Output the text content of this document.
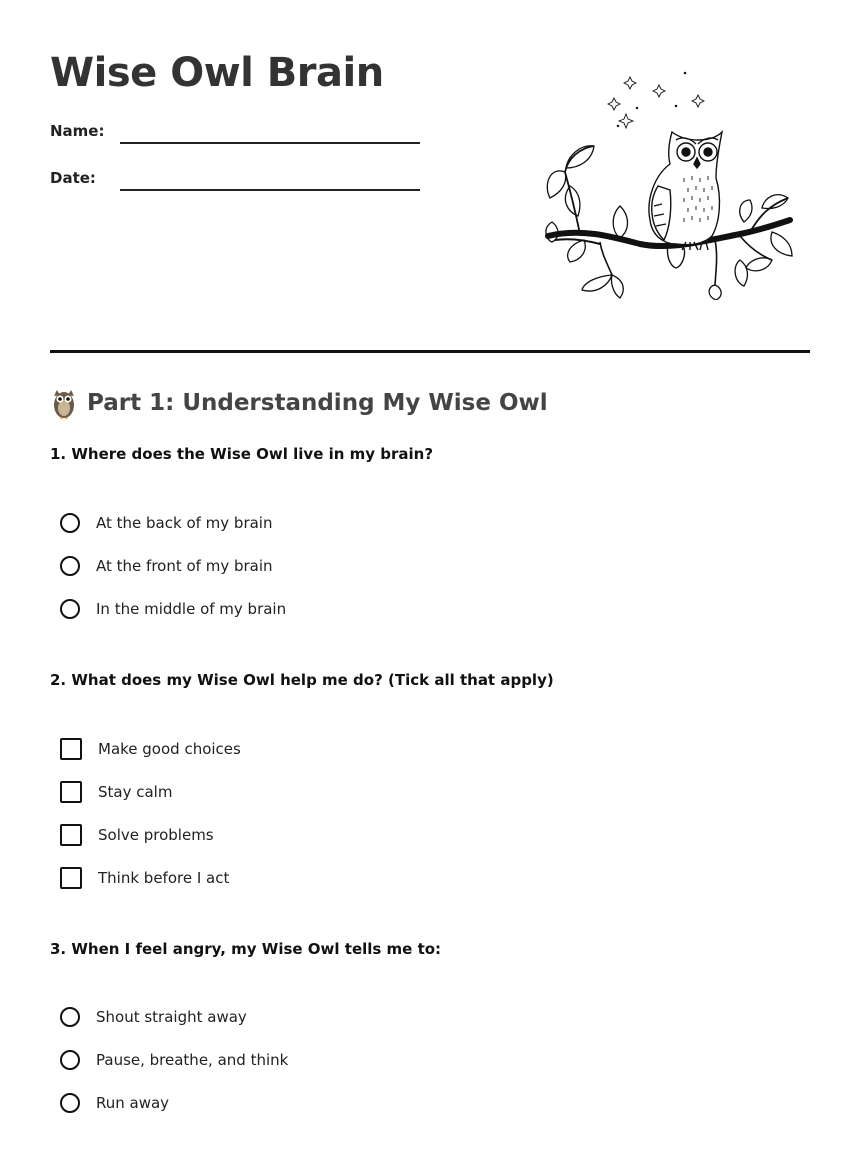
Wise Owl Brain
Name:
Date:
Part 1: Understanding My Wise Owl

1. Where does the Wise Owl live in my brain?

At the back of my brain
At the front of my brain
In the middle of my brain

2. What does my Wise Owl help me do? (Tick all that apply)

Make good choices
Stay calm
Solve problems
Think before I act

3. When I feel angry, my Wise Owl tells me to:

Shout straight away
Pause, breathe, and think
Run away
